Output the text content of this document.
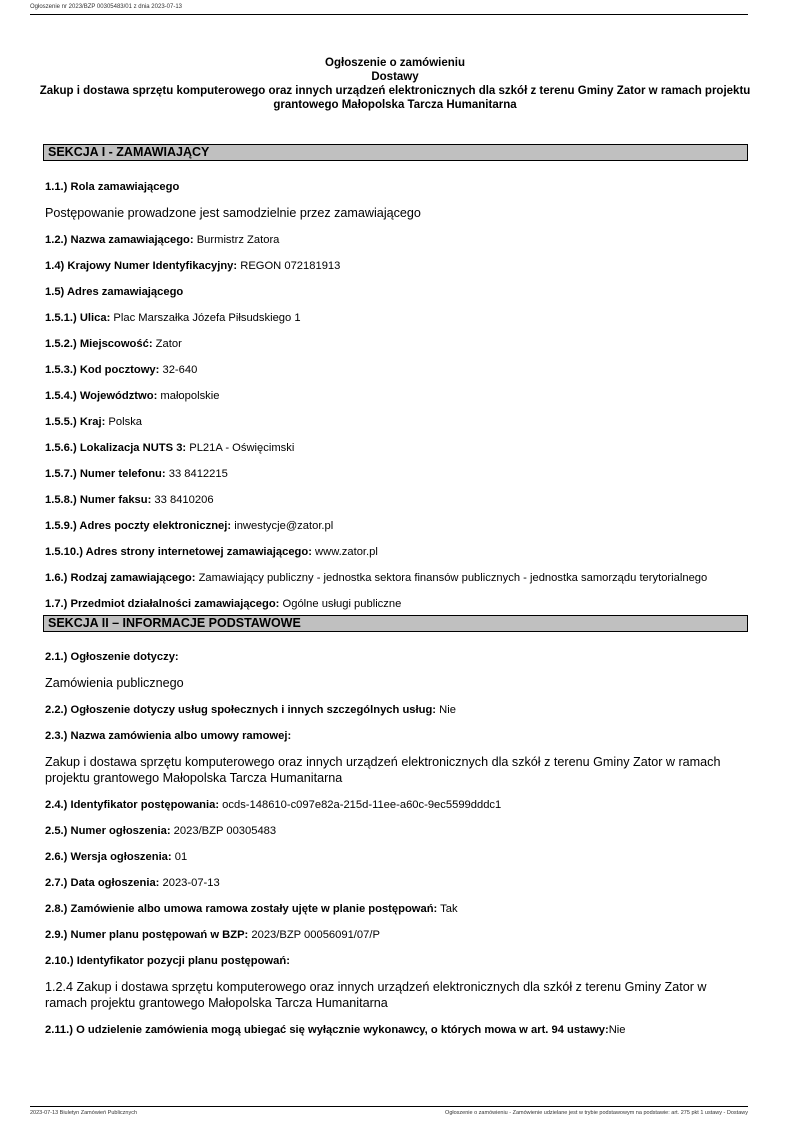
Ogłoszenie nr 2023/BZP 00305483/01 z dnia 2023-07-13
Ogłoszenie o zamówieniu
Dostawy
Zakup i dostawa sprzętu komputerowego oraz innych urządzeń elektronicznych dla szkół z terenu Gminy Zator w ramach projektu grantowego Małopolska Tarcza Humanitarna
SEKCJA I - ZAMAWIAJĄCY
1.1.) Rola zamawiającego
Postępowanie prowadzone jest samodzielnie przez zamawiającego
1.2.) Nazwa zamawiającego: Burmistrz Zatora
1.4) Krajowy Numer Identyfikacyjny: REGON 072181913
1.5) Adres zamawiającego
1.5.1.) Ulica: Plac Marszałka Józefa Piłsudskiego 1
1.5.2.) Miejscowość: Zator
1.5.3.) Kod pocztowy: 32-640
1.5.4.) Województwo: małopolskie
1.5.5.) Kraj: Polska
1.5.6.) Lokalizacja NUTS 3: PL21A - Oświęcimski
1.5.7.) Numer telefonu: 33 8412215
1.5.8.) Numer faksu: 33 8410206
1.5.9.) Adres poczty elektronicznej: inwestycje@zator.pl
1.5.10.) Adres strony internetowej zamawiającego: www.zator.pl
1.6.) Rodzaj zamawiającego: Zamawiający publiczny - jednostka sektora finansów publicznych - jednostka samorządu terytorialnego
1.7.) Przedmiot działalności zamawiającego: Ogólne usługi publiczne
SEKCJA II – INFORMACJE PODSTAWOWE
2.1.) Ogłoszenie dotyczy:
Zamówienia publicznego
2.2.) Ogłoszenie dotyczy usług społecznych i innych szczególnych usług: Nie
2.3.) Nazwa zamówienia albo umowy ramowej:
Zakup i dostawa sprzętu komputerowego oraz innych urządzeń elektronicznych dla szkół z terenu Gminy Zator w ramach projektu grantowego Małopolska Tarcza Humanitarna
2.4.) Identyfikator postępowania: ocds-148610-c097e82a-215d-11ee-a60c-9ec5599dddc1
2.5.) Numer ogłoszenia: 2023/BZP 00305483
2.6.) Wersja ogłoszenia: 01
2.7.) Data ogłoszenia: 2023-07-13
2.8.) Zamówienie albo umowa ramowa zostały ujęte w planie postępowań: Tak
2.9.) Numer planu postępowań w BZP: 2023/BZP 00056091/07/P
2.10.) Identyfikator pozycji planu postępowań:
1.2.4 Zakup i dostawa sprzętu komputerowego oraz innych urządzeń elektronicznych dla szkół z terenu Gminy Zator w ramach projektu grantowego Małopolska Tarcza Humanitarna
2.11.) O udzielenie zamówienia mogą ubiegać się wyłącznie wykonawcy, o których mowa w art. 94 ustawy:Nie
2023-07-13 Biuletyn Zamówień Publicznych	Ogłoszenie o zamówieniu - Zamówienie udzielane jest w trybie podstawowym na podstawie: art. 275 pkt 1 ustawy - Dostawy
